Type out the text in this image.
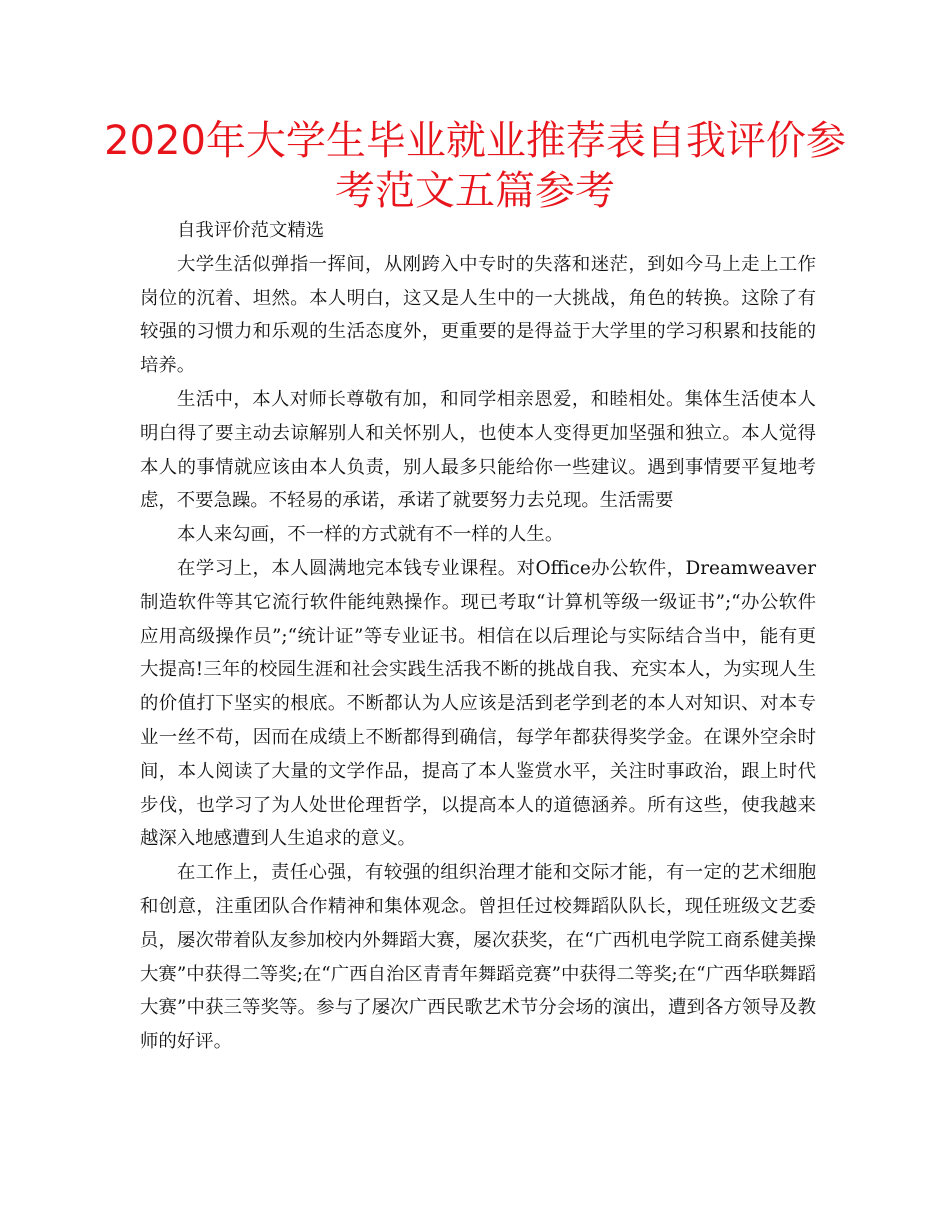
2020年大学生毕业就业推荐表自我评价参考范文五篇参考

自我评价范文精选

大学生活似弹指一挥间，从刚跨入中专时的失落和迷茫，到如今马上走上工作岗位的沉着、坦然。本人明白，这又是人生中的一大挑战，角色的转换。这除了有较强的习惯力和乐观的生活态度外，更重要的是得益于大学里的学习积累和技能的培养。

生活中，本人对师长尊敬有加，和同学相亲恩爱，和睦相处。集体生活使本人明白得了要主动去谅解别人和关怀别人，也使本人变得更加坚强和独立。本人觉得本人的事情就应该由本人负责，别人最多只能给你一些建议。遇到事情要平复地考虑，不要急躁。不轻易的承诺，承诺了就要努力去兑现。生活需要

本人来勾画，不一样的方式就有不一样的人生。

在学习上，本人圆满地完本钱专业课程。对Office办公软件，Dreamweaver制造软件等其它流行软件能纯熟操作。现已考取“计算机等级一级证书”;“办公软件应用高级操作员”;“统计证”等专业证书。相信在以后理论与实际结合当中，能有更大提高!三年的校园生涯和社会实践生活我不断的挑战自我、充实本人，为实现人生的价值打下坚实的根底。不断都认为人应该是活到老学到老的本人对知识、对本专业一丝不苟，因而在成绩上不断都得到确信，每学年都获得奖学金。在课外空余时间，本人阅读了大量的文学作品，提高了本人鉴赏水平，关注时事政治，跟上时代步伐，也学习了为人处世伦理哲学，以提高本人的道德涵养。所有这些，使我越来越深入地感遭到人生追求的意义。

在工作上，责任心强，有较强的组织治理才能和交际才能，有一定的艺术细胞和创意，注重团队合作精神和集体观念。曾担任过校舞蹈队队长，现任班级文艺委员，屡次带着队友参加校内外舞蹈大赛，屡次获奖，在“广西机电学院工商系健美操大赛”中获得二等奖;在“广西自治区青青年舞蹈竞赛”中获得二等奖;在“广西华联舞蹈大赛”中获三等奖等。参与了屡次广西民歌艺术节分会场的演出，遭到各方领导及教师的好评。
